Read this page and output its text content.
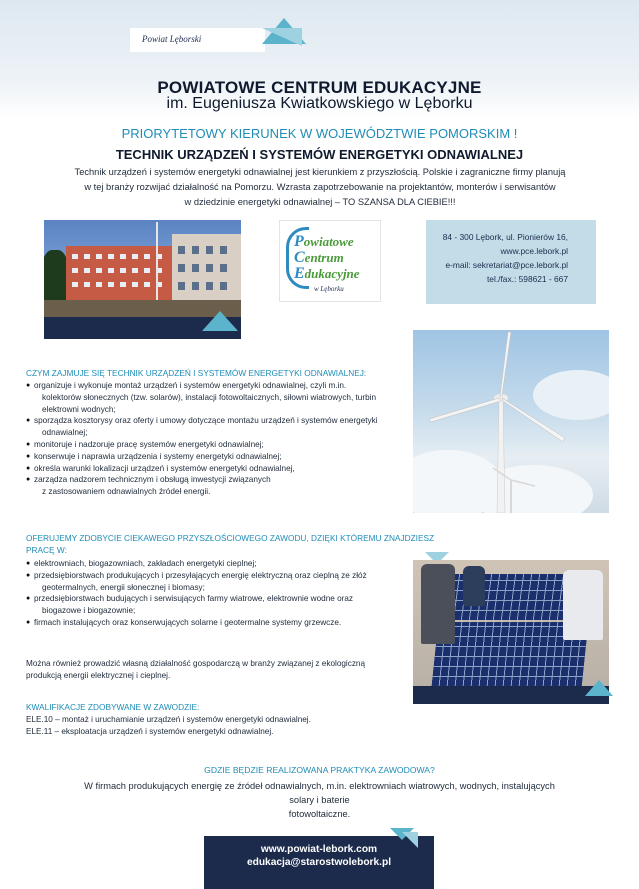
Powiat Lęborski
POWIATOWE CENTRUM EDUKACYJNE
im. Eugeniusza Kwiatkowskiego w Lęborku
PRIORYTETOWY KIERUNEK W WOJEWÓDZTWIE POMORSKIM !
TECHNIK URZĄDZEŃ I SYSTEMÓW ENERGETYKI ODNAWIALNEJ
Technik urządzeń i systemów energetyki odnawialnej jest kierunkiem z przyszłością. Polskie i zagraniczne firmy planują
w tej branży rozwijać działalność na Pomorzu. Wzrasta zapotrzebowanie na projektantów, monterów i serwisantów
w dziedzinie energetyki odnawialnej – TO SZANSA DLA CIEBIE!!!
Powiatowe
Centrum
Edukacyjne
w Lęborku
84 - 300 Lębork, ul. Pionierów 16,
www.pce.lebork.pl
e-mail: sekretariat@pce.lebork.pl
tel./fax.: 598621 - 667
CZYM ZAJMUJE SIĘ TECHNIK URZĄDZEŃ I SYSTEMÓW ENERGETYKI ODNAWIALNEJ:
● organizuje i wykonuje montaż urządzeń i systemów energetyki odnawialnej, czyli m.in.
kolektorów słonecznych (tzw. solarów), instalacji fotowoltaicznych, siłowni wiatrowych, turbin
elektrowni wodnych;
● sporządza kosztorysy oraz oferty i umowy dotyczące montażu urządzeń i systemów energetyki
odnawialnej;
● monitoruje i nadzoruje pracę systemów energetyki odnawialnej;
● konserwuje i naprawia urządzenia i systemy energetyki odnawialnej;
● określa warunki lokalizacji urządzeń i systemów energetyki odnawialnej,
● zarządza nadzorem technicznym i obsługą inwestycji związanych
z zastosowaniem odnawialnych źródeł energii.
OFERUJEMY ZDOBYCIE CIEKAWEGO PRZYSZŁOŚCIOWEGO ZAWODU, DZIĘKI KTÓREMU ZNAJDZIESZ
PRACĘ W:
● elektrowniach, biogazowniach, zakładach energetyki cieplnej;
● przedsiębiorstwach produkujących i przesyłających energię elektryczną oraz cieplną ze złóż
geotermalnych, energii słonecznej i biomasy;
● przedsiębiorstwach budujących i serwisujących farmy wiatrowe, elektrownie wodne oraz
biogazowe i biogazownie;
● firmach instalujących oraz konserwujących solarne i geotermalne systemy grzewcze.
Można również prowadzić własną działalność gospodarczą w branży związanej z ekologiczną
produkcją energii elektrycznej i cieplnej.
KWALIFIKACJE ZDOBYWANE W ZAWODZIE:
ELE.10 – montaż i uruchamianie urządzeń i systemów energetyki odnawialnej.
ELE.11 – eksploatacja urządzeń i systemów energetyki odnawialnej.
GDZIE BĘDZIE REALIZOWANA PRAKTYKA ZAWODOWA?
W firmach produkujących energię ze źródeł odnawialnych, m.in. elektrowniach wiatrowych, wodnych, instalujących solary i baterie
fotowoltaiczne.
www.powiat-lebork.com
edukacja@starostwolebork.pl
